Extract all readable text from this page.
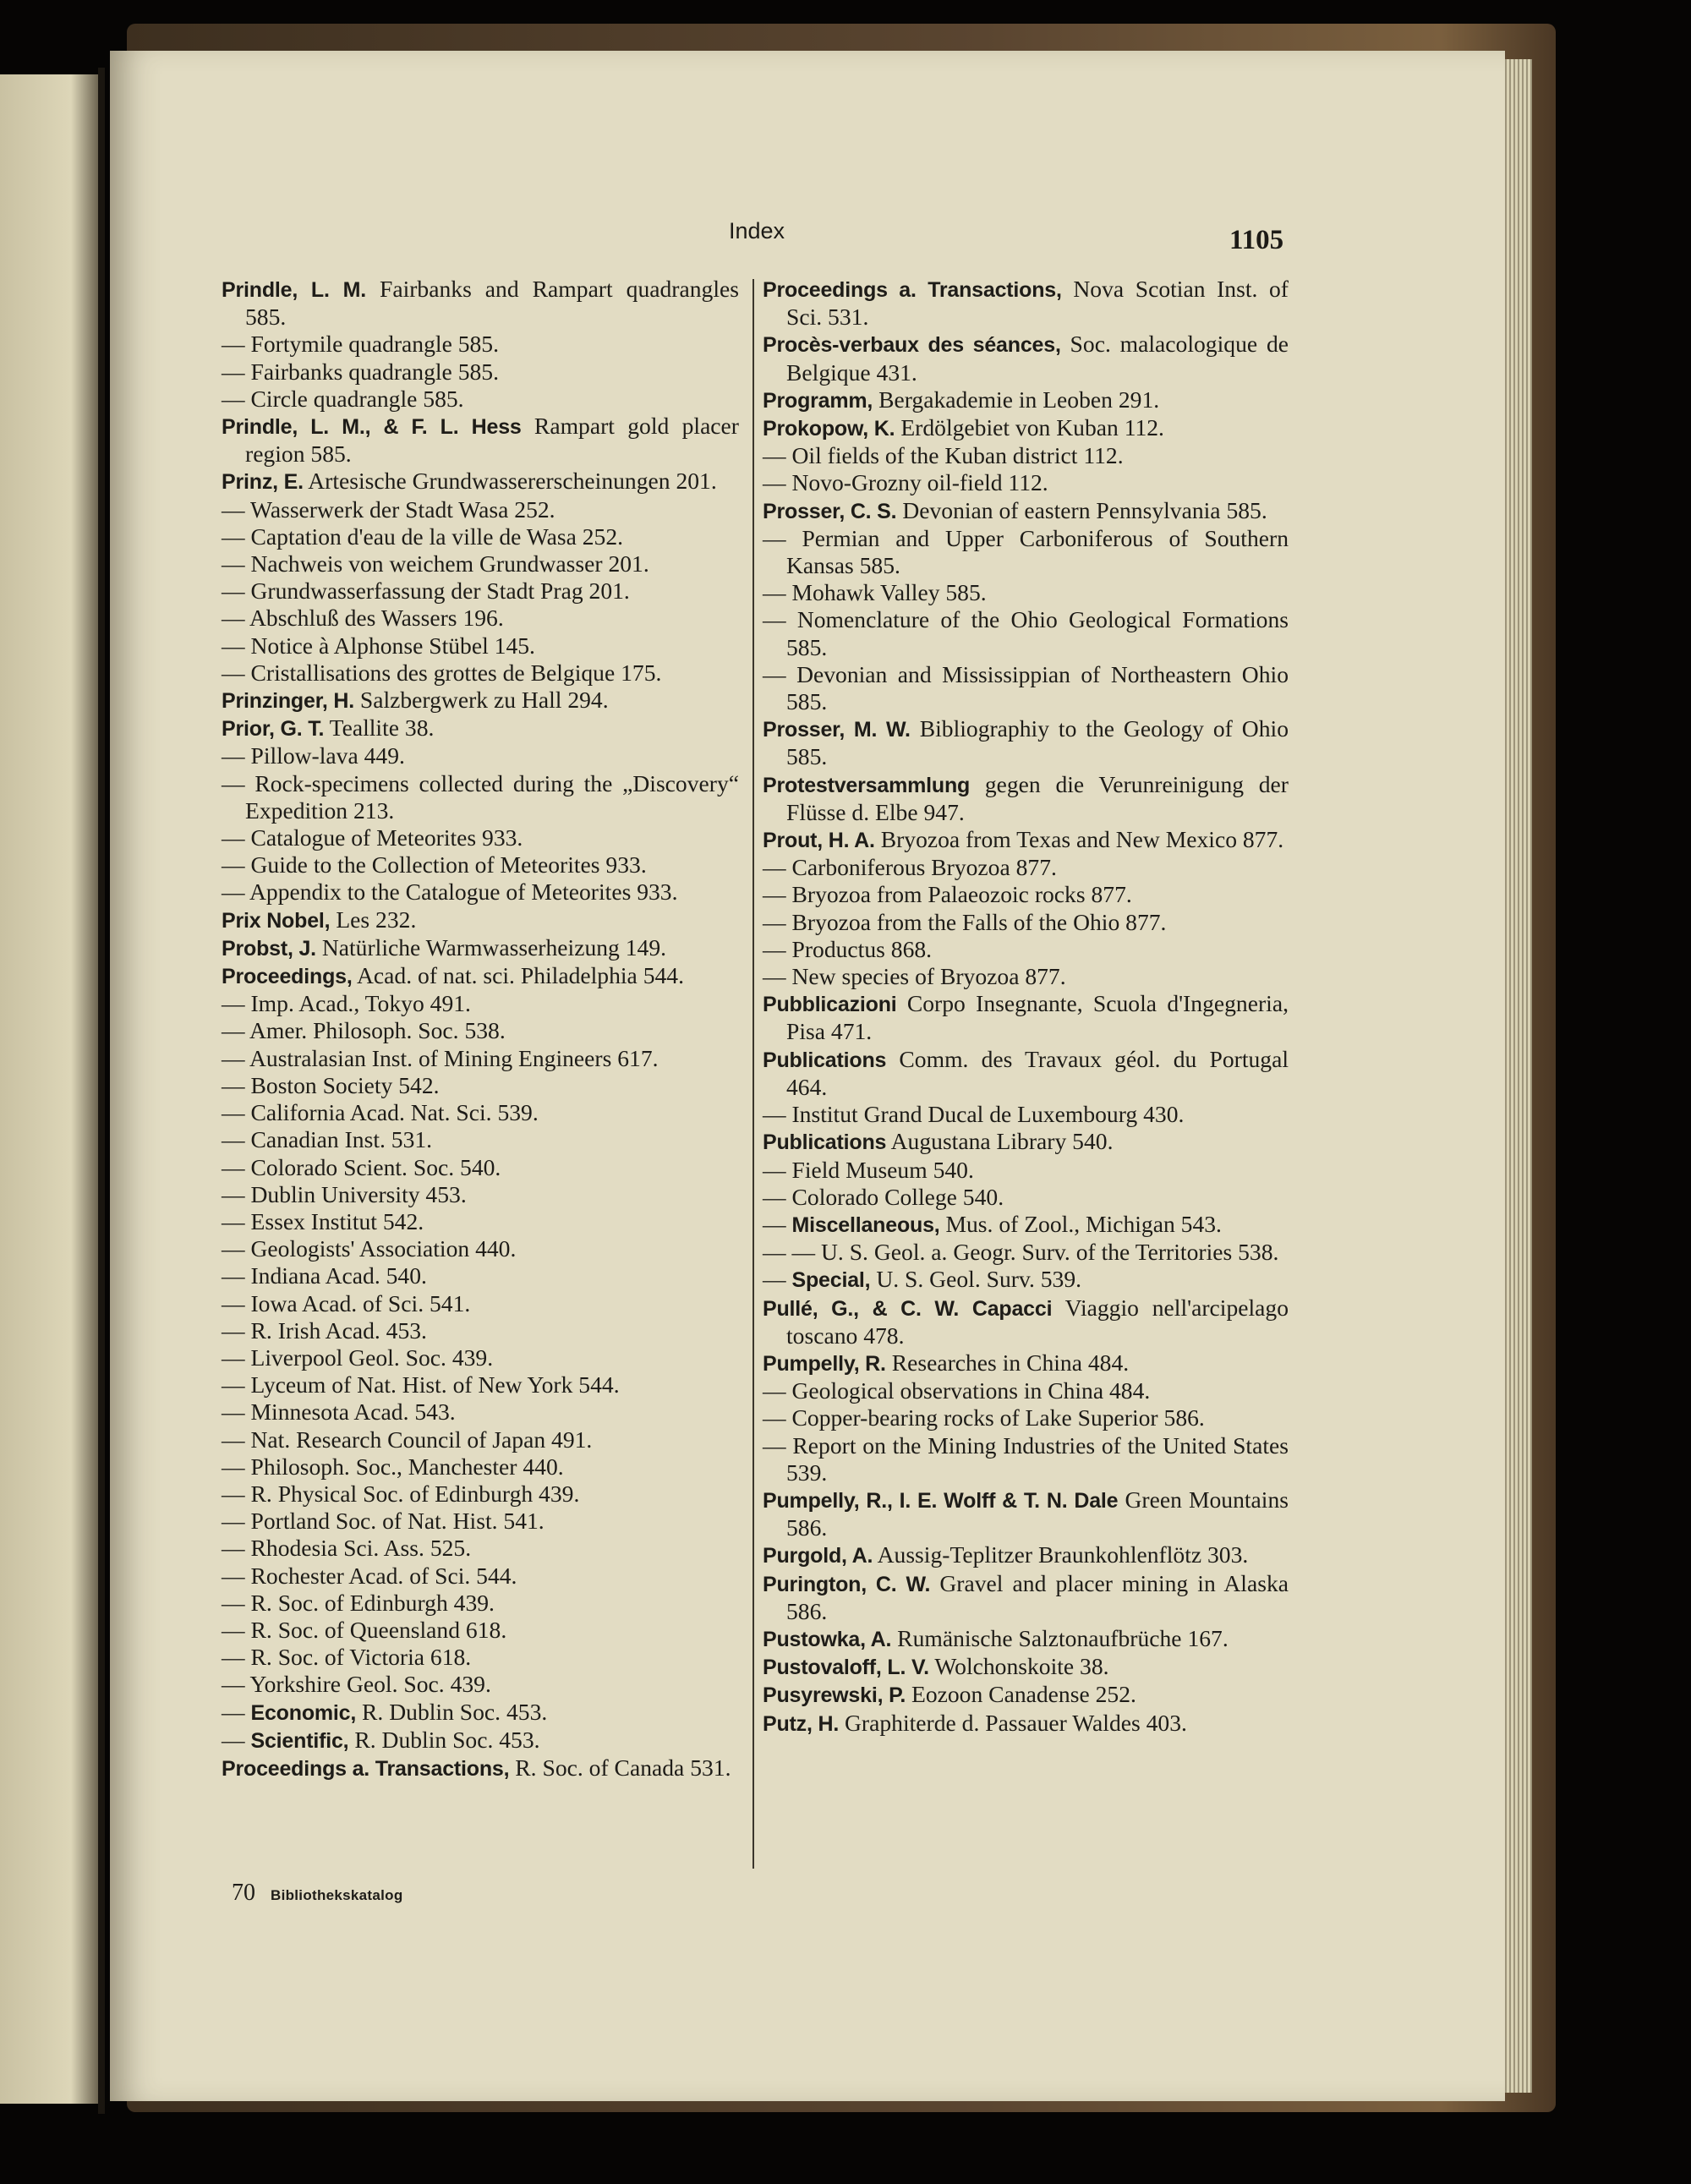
Index	1105
Prindle, L. M. Fairbanks and Rampart quadrangles 585.
— Fortymile quadrangle 585.
— Fairbanks quadrangle 585.
— Circle quadrangle 585.
Prindle, L. M., & F. L. Hess Rampart gold placer region 585.
Prinz, E. Artesische Grundwassererscheinungen 201.
— Wasserwerk der Stadt Wasa 252.
— Captation d'eau de la ville de Wasa 252.
— Nachweis von weichem Grundwasser 201.
— Grundwasserfassung der Stadt Prag 201.
— Abschluß des Wassers 196.
— Notice à Alphonse Stübel 145.
— Cristallisations des grottes de Belgique 175.
Prinzinger, H. Salzbergwerk zu Hall 294.
Prior, G. T. Teallite 38.
— Pillow-lava 449.
— Rock-specimens collected during the „Discovery“ Expedition 213.
— Catalogue of Meteorites 933.
— Guide to the Collection of Meteorites 933.
— Appendix to the Catalogue of Meteorites 933.
Prix Nobel, Les 232.
Probst, J. Natürliche Warmwasserheizung 149.
Proceedings, Acad. of nat. sci. Philadelphia 544.
— Imp. Acad., Tokyo 491.
— Amer. Philosoph. Soc. 538.
— Australasian Inst. of Mining Engineers 617.
— Boston Society 542.
— California Acad. Nat. Sci. 539.
— Canadian Inst. 531.
— Colorado Scient. Soc. 540.
— Dublin University 453.
— Essex Institut 542.
— Geologists' Association 440.
— Indiana Acad. 540.
— Iowa Acad. of Sci. 541.
— R. Irish Acad. 453.
— Liverpool Geol. Soc. 439.
— Lyceum of Nat. Hist. of New York 544.
— Minnesota Acad. 543.
— Nat. Research Council of Japan 491.
— Philosoph. Soc., Manchester 440.
— R. Physical Soc. of Edinburgh 439.
— Portland Soc. of Nat. Hist. 541.
— Rhodesia Sci. Ass. 525.
— Rochester Acad. of Sci. 544.
— R. Soc. of Edinburgh 439.
— R. Soc. of Queensland 618.
— R. Soc. of Victoria 618.
— Yorkshire Geol. Soc. 439.
— Economic, R. Dublin Soc. 453.
— Scientific, R. Dublin Soc. 453.
Proceedings a. Transactions, R. Soc. of Canada 531.
Proceedings a. Transactions, Nova Scotian Inst. of Sci. 531.
Procès-verbaux des séances, Soc. malacologique de Belgique 431.
Programm, Bergakademie in Leoben 291.
Prokopow, K. Erdölgebiet von Kuban 112.
— Oil fields of the Kuban district 112.
— Novo-Grozny oil-field 112.
Prosser, C. S. Devonian of eastern Pennsylvania 585.
— Permian and Upper Carboniferous of Southern Kansas 585.
— Mohawk Valley 585.
— Nomenclature of the Ohio Geological Formations 585.
— Devonian and Mississippian of Northeastern Ohio 585.
Prosser, M. W. Bibliographiy to the Geology of Ohio 585.
Protestversammlung gegen die Verunreinigung der Flüsse d. Elbe 947.
Prout, H. A. Bryozoa from Texas and New Mexico 877.
— Carboniferous Bryozoa 877.
— Bryozoa from Palaeozoic rocks 877.
— Bryozoa from the Falls of the Ohio 877.
— Productus 868.
— New species of Bryozoa 877.
Pubblicazioni Corpo Insegnante, Scuola d'Ingegneria, Pisa 471.
Publications Comm. des Travaux géol. du Portugal 464.
— Institut Grand Ducal de Luxembourg 430.
Publications Augustana Library 540.
— Field Museum 540.
— Colorado College 540.
— Miscellaneous, Mus. of Zool., Michigan 543.
— — U. S. Geol. a. Geogr. Surv. of the Territories 538.
— Special, U. S. Geol. Surv. 539.
Pullé, G., & C. W. Capacci Viaggio nell'arcipelago toscano 478.
Pumpelly, R. Researches in China 484.
— Geological observations in China 484.
— Copper-bearing rocks of Lake Superior 586.
— Report on the Mining Industries of the United States 539.
Pumpelly, R., I. E. Wolff & T. N. Dale Green Mountains 586.
Purgold, A. Aussig-Teplitzer Braunkohlenflötz 303.
Purington, C. W. Gravel and placer mining in Alaska 586.
Pustowka, A. Rumänische Salztonaufbrüche 167.
Pustovaloff, L. V. Wolchonskoite 38.
Pusyrewski, P. Eozoon Canadense 252.
Putz, H. Graphiterde d. Passauer Waldes 403.
70 Bibliothekskatalog
